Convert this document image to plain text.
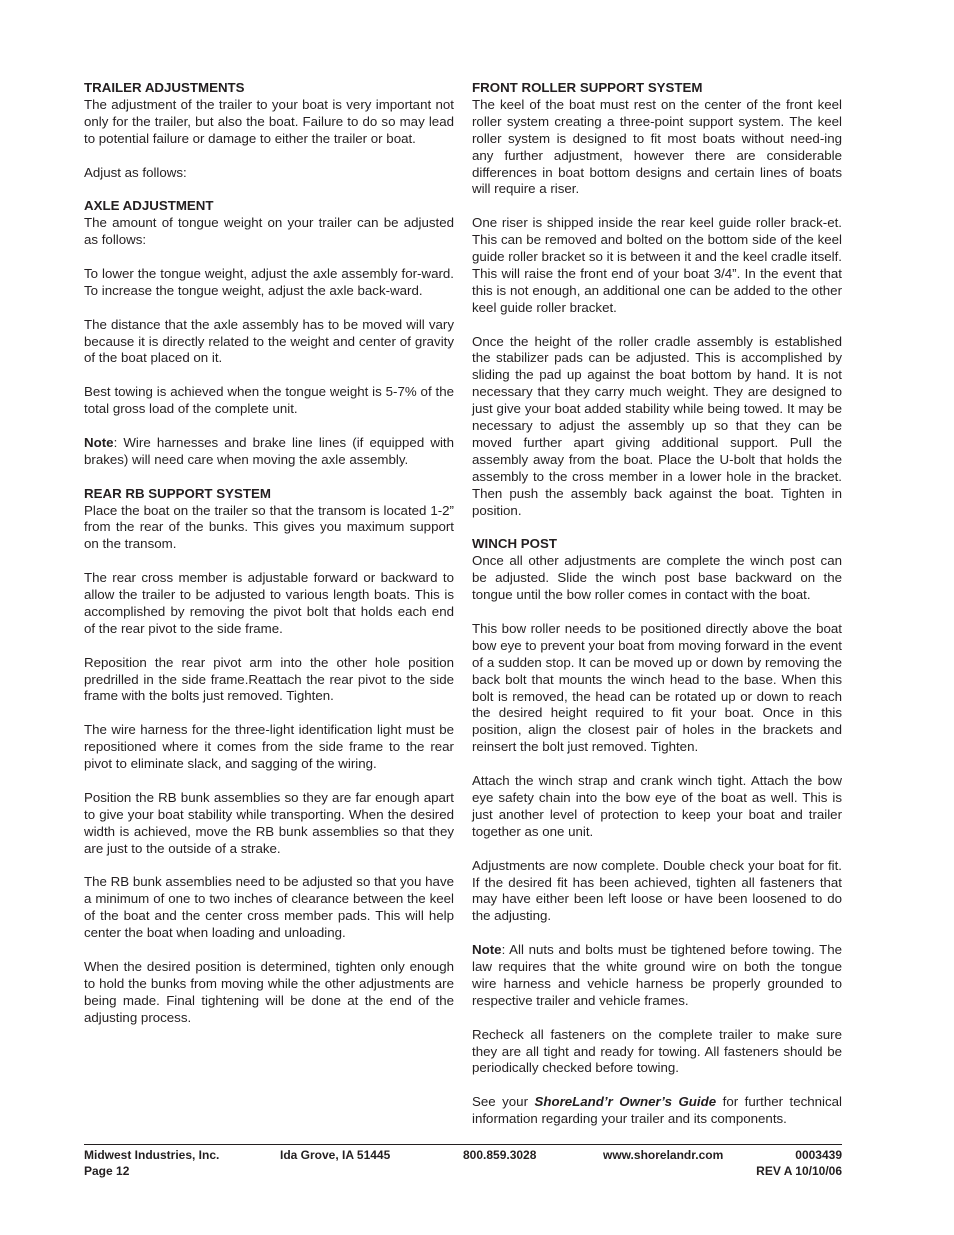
TRAILER ADJUSTMENTS

The adjustment of the trailer to your boat is very important not only for the trailer, but also the boat. Failure to do so may lead to potential failure or damage to either the trailer or boat.

Adjust as follows:

AXLE ADJUSTMENT

The amount of tongue weight on your trailer can be adjusted as follows:

To lower the tongue weight, adjust the axle assembly for-ward. To increase the tongue weight, adjust the axle back-ward.

The distance that the axle assembly has to be moved will vary because it is directly related to the weight and center of gravity of the boat placed on it.

Best towing is achieved when the tongue weight is 5-7% of the total gross load of the complete unit.

Note: Wire harnesses and brake line lines (if equipped with brakes) will need care when moving the axle assembly.

REAR RB SUPPORT SYSTEM

Place the boat on the trailer so that the transom is located 1-2” from the rear of the bunks. This gives you maximum support on the transom.

The rear cross member is adjustable forward or backward to allow the trailer to be adjusted to various length boats. This is accomplished by removing the pivot bolt that holds each end of the rear pivot to the side frame.

Reposition the rear pivot arm into the other hole position predrilled in the side frame.Reattach the rear pivot to the side frame with the bolts just removed. Tighten.

The wire harness for the three-light identification light must be repositioned where it comes from the side frame to the rear pivot to eliminate slack, and sagging of the wiring.

Position the RB bunk assemblies so they are far enough apart to give your boat stability while transporting. When the desired width is achieved, move the RB bunk assemblies so that they are just to the outside of a strake.

The RB bunk assemblies need to be adjusted so that you have a minimum of one to two inches of clearance between the keel of the boat and the center cross member pads. This will help center the boat when loading and unloading.

When the desired position is determined, tighten only enough to hold the bunks from moving while the other adjustments are being made. Final tightening will be done at the end of the adjusting process.

FRONT ROLLER SUPPORT SYSTEM

The keel of the boat must rest on the center of the front keel roller system creating a three-point support system. The keel roller system is designed to fit most boats without need-ing any further adjustment, however there are considerable differences in boat bottom designs and certain lines of boats will require a riser.

One riser is shipped inside the rear keel guide roller brack-et. This can be removed and bolted on the bottom side of the keel guide roller bracket so it is between it and the keel cradle itself. This will raise the front end of your boat 3/4”. In the event that this is not enough, an additional one can be added to the other keel guide roller bracket.

Once the height of the roller cradle assembly is established the stabilizer pads can be adjusted. This is accomplished by sliding the pad up against the boat bottom by hand. It is not necessary that they carry much weight. They are designed to just give your boat added stability while being towed. It may be necessary to adjust the assembly up so that they can be moved further apart giving additional support. Pull the assembly away from the boat. Place the U-bolt that holds the assembly to the cross member in a lower hole in the bracket. Then push the assembly back against the boat. Tighten in position.

WINCH POST

Once all other adjustments are complete the winch post can be adjusted. Slide the winch post base backward on the tongue until the bow roller comes in contact with the boat.

This bow roller needs to be positioned directly above the boat bow eye to prevent your boat from moving forward in the event of a sudden stop. It can be moved up or down by removing the back bolt that mounts the winch head to the base. When this bolt is removed, the head can be rotated up or down to reach the desired height required to fit your boat. Once in this position, align the closest pair of holes in the brackets and reinsert the bolt just removed. Tighten.

Attach the winch strap and crank winch tight. Attach the bow eye safety chain into the bow eye of the boat as well. This is just another level of protection to keep your boat and trailer together as one unit.

Adjustments are now complete. Double check your boat for fit. If the desired fit has been achieved, tighten all fasteners that may have either been left loose or have been loosened to do the adjusting.

Note: All nuts and bolts must be tightened before towing. The law requires that the white ground wire on both the tongue wire harness and vehicle harness be properly grounded to respective trailer and vehicle frames.

Recheck all fasteners on the complete trailer to make sure they are all tight and ready for towing. All fasteners should be periodically checked before towing.

See your ShoreLand’r Owner’s Guide for further technical information regarding your trailer and its components.

Midwest Industries, Inc.
Page 12
Ida Grove, IA 51445	800.859.3028	www.shorelandr.com	0003439
REV A 10/10/06
